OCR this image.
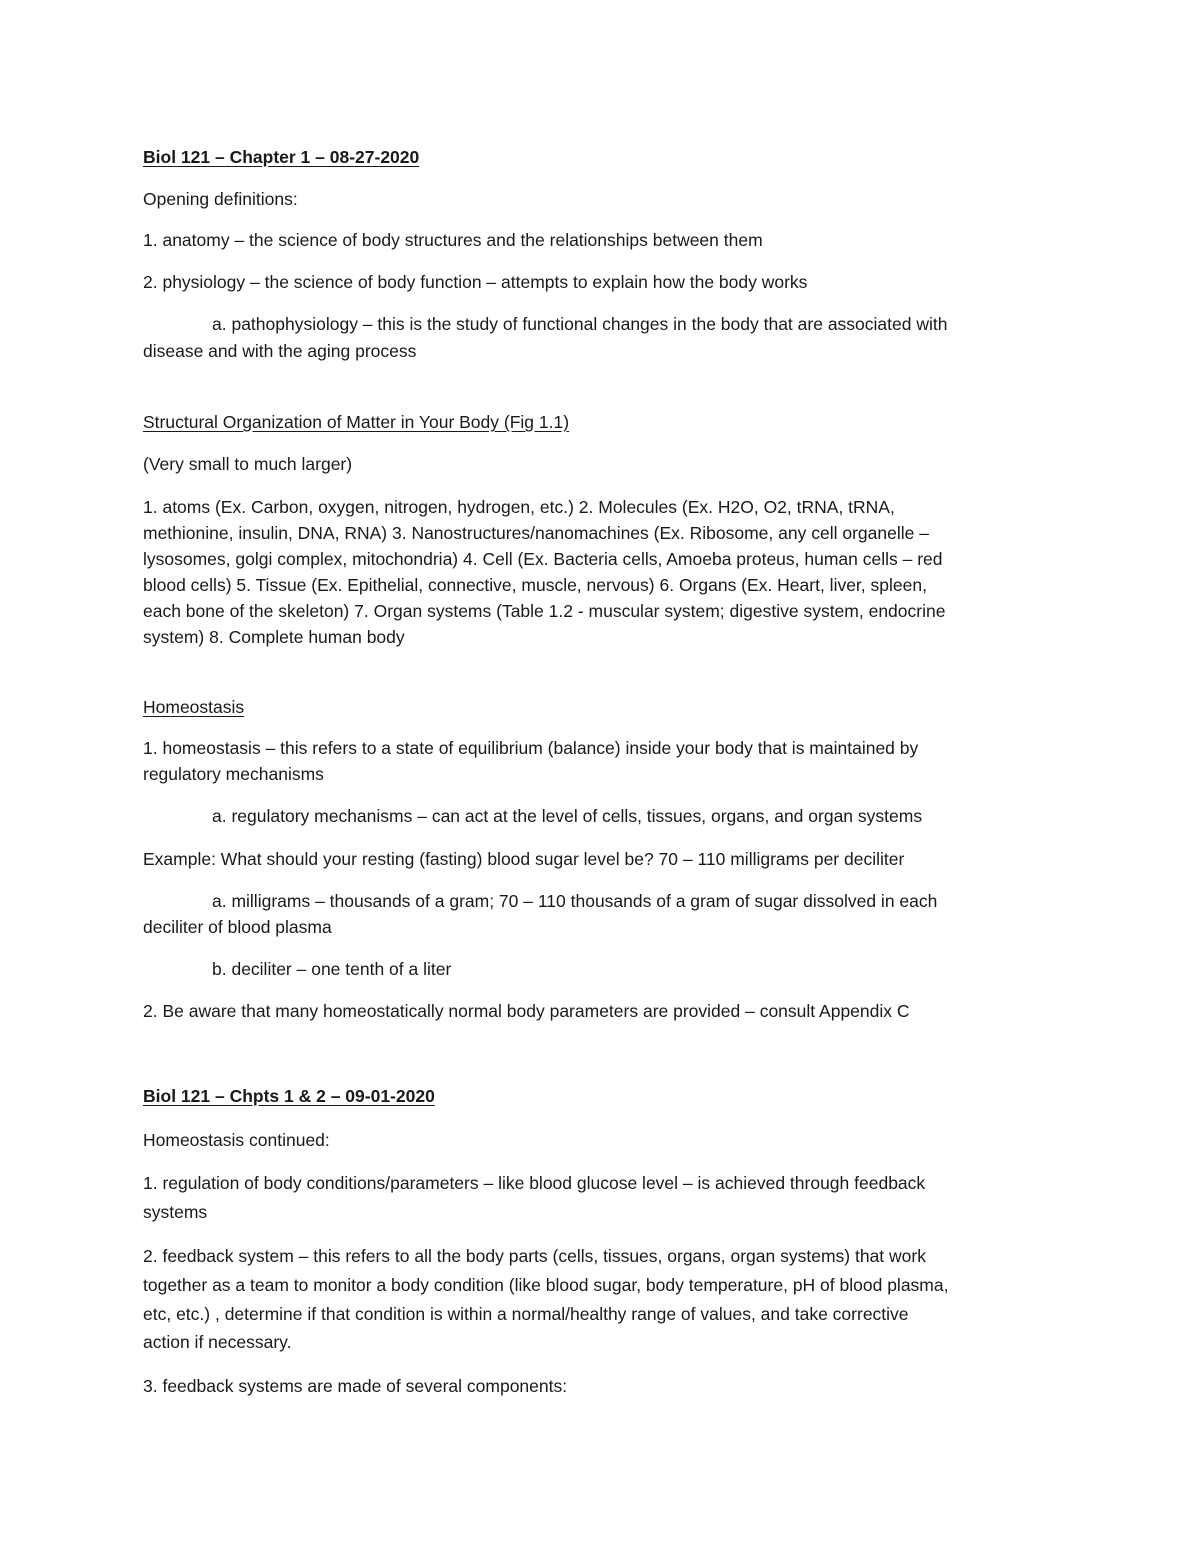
Biol 121 – Chapter 1 – 08-27-2020
Opening definitions:
1. anatomy – the science of body structures and the relationships between them
2. physiology – the science of body function – attempts to explain how the body works
a. pathophysiology – this is the study of functional changes in the body that are associated with
disease and with the aging process
Structural Organization of Matter in Your Body (Fig 1.1)
(Very small to much larger)
1. atoms (Ex. Carbon, oxygen, nitrogen, hydrogen, etc.) 2. Molecules (Ex. H2O, O2, tRNA, tRNA,
methionine, insulin, DNA, RNA) 3. Nanostructures/nanomachines (Ex. Ribosome, any cell organelle –
lysosomes, golgi complex, mitochondria) 4. Cell (Ex. Bacteria cells, Amoeba proteus, human cells – red
blood cells) 5. Tissue (Ex. Epithelial, connective, muscle, nervous) 6. Organs (Ex. Heart, liver, spleen,
each bone of the skeleton) 7. Organ systems (Table 1.2 - muscular system; digestive system, endocrine
system) 8. Complete human body
Homeostasis
1. homeostasis – this refers to a state of equilibrium (balance) inside your body that is maintained by
regulatory mechanisms
a. regulatory mechanisms – can act at the level of cells, tissues, organs, and organ systems
Example: What should your resting (fasting) blood sugar level be? 70 – 110 milligrams per deciliter
a. milligrams – thousands of a gram; 70 – 110 thousands of a gram of sugar dissolved in each
deciliter of blood plasma
b. deciliter – one tenth of a liter
2. Be aware that many homeostatically normal body parameters are provided – consult Appendix C
Biol 121 – Chpts 1 & 2 – 09-01-2020
Homeostasis continued:
1. regulation of body conditions/parameters – like blood glucose level – is achieved through feedback
systems
2. feedback system – this refers to all the body parts (cells, tissues, organs, organ systems) that work
together as a team to monitor a body condition (like blood sugar, body temperature, pH of blood plasma,
etc, etc.) , determine if that condition is within a normal/healthy range of values, and take corrective
action if necessary.
3. feedback systems are made of several components:
